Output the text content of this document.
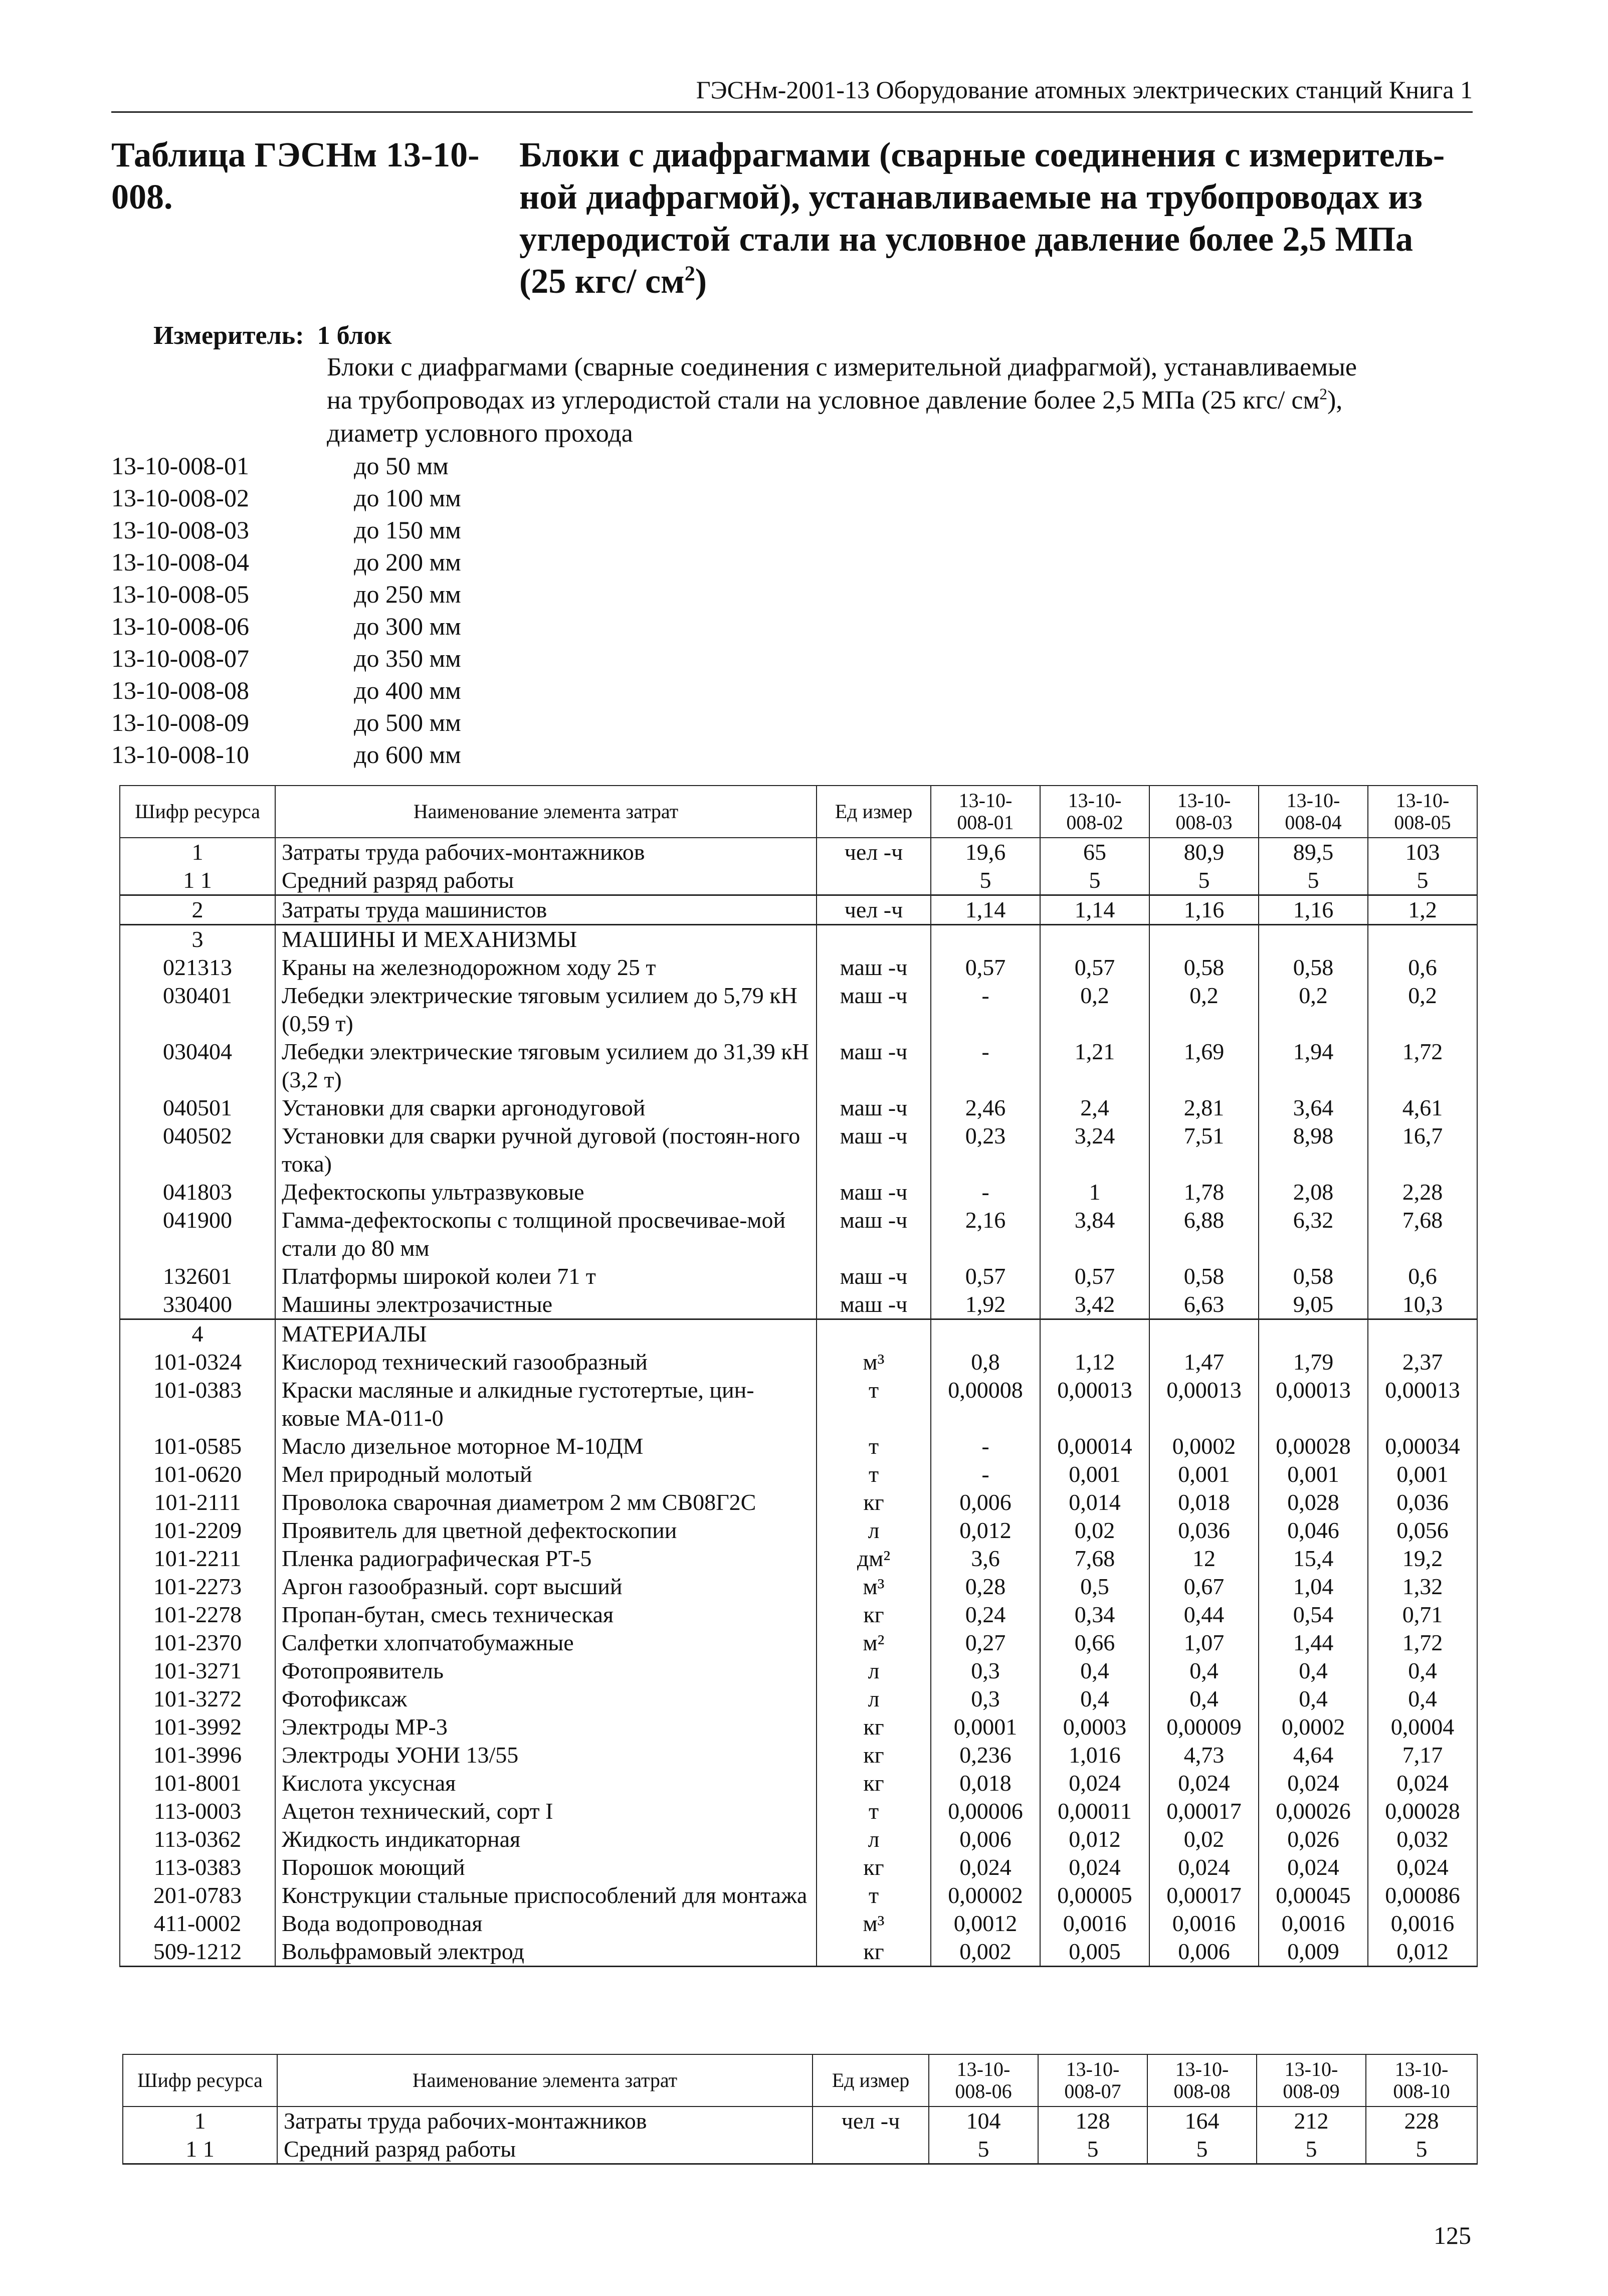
ГЭСНм-2001-13 Оборудование атомных электрических станций Книга 1
Таблица ГЭСНм 13-10-008.
Блоки с диафрагмами (сварные соединения с измеритель-
ной диафрагмой), устанавливаемые на трубопроводах из
углеродистой стали на условное давление более 2,5 МПа
(25 кгс/ $см^2$)
Измеритель: 1 блок
Блоки с диафрагмами (сварные соединения с измерительной диафрагмой), устанавливаемые
на трубопроводах из углеродистой стали на условное давление более 2,5 МПа (25 кгс/ $см^2$),
диаметр условного прохода
13-10-008-01	до 50 мм
13-10-008-02	до 100 мм
13-10-008-03	до 150 мм
13-10-008-04	до 200 мм
13-10-008-05	до 250 мм
13-10-008-06	до 300 мм
13-10-008-07	до 350 мм
13-10-008-08	до 400 мм
13-10-008-09	до 500 мм
13-10-008-10	до 600 мм
Шифр ресурса	Наименование элемента затрат	Ед измер	13-10-
008-01	13-10-
008-02	13-10-
008-03	13-10-
008-04	13-10-
008-05
1	Затраты труда рабочих-монтажников	чел -ч	19,6	65	80,9	89,5	103
1 1	Средний разряд работы		5	5	5	5	5
2	Затраты труда машинистов	чел -ч	1,14	1,14	1,16	1,16	1,2
3	МАШИНЫ И МЕХАНИЗМЫ						
021313	Краны на железнодорожном ходу 25 т	маш -ч	0,57	0,57	0,58	0,58	0,6
030401	Лебедки электрические тяговым усилием до 5,79 кН (0,59 т)	маш -ч	-	0,2	0,2	0,2	0,2
030404	Лебедки электрические тяговым усилием до 31,39 кН (3,2 т)	маш -ч	-	1,21	1,69	1,94	1,72
040501	Установки для сварки аргонодуговой	маш -ч	2,46	2,4	2,81	3,64	4,61
040502	Установки для сварки ручной дуговой (постоян-ного тока)	маш -ч	0,23	3,24	7,51	8,98	16,7
041803	Дефектоскопы ультразвуковые	маш -ч	-	1	1,78	2,08	2,28
041900	Гамма-дефектоскопы с толщиной просвечивае-мой стали до 80 мм	маш -ч	2,16	3,84	6,88	6,32	7,68
132601	Платформы широкой колеи 71 т	маш -ч	0,57	0,57	0,58	0,58	0,6
330400	Машины электрозачистные	маш -ч	1,92	3,42	6,63	9,05	10,3
4	МАТЕРИАЛЫ						
101-0324	Кислород технический газообразный	м³	0,8	1,12	1,47	1,79	2,37
101-0383	Краски масляные и алкидные густотертые, цин-ковые МА-011-0	т	0,00008	0,00013	0,00013	0,00013	0,00013
101-0585	Масло дизельное моторное М-10ДМ	т	-	0,00014	0,0002	0,00028	0,00034
101-0620	Мел природный молотый	т	-	0,001	0,001	0,001	0,001
101-2111	Проволока сварочная диаметром 2 мм СВ08Г2С	кг	0,006	0,014	0,018	0,028	0,036
101-2209	Проявитель для цветной дефектоскопии	л	0,012	0,02	0,036	0,046	0,056
101-2211	Пленка радиографическая РТ-5	дм²	3,6	7,68	12	15,4	19,2
101-2273	Аргон газообразный. сорт высший	м³	0,28	0,5	0,67	1,04	1,32
101-2278	Пропан-бутан, смесь техническая	кг	0,24	0,34	0,44	0,54	0,71
101-2370	Салфетки хлопчатобумажные	м²	0,27	0,66	1,07	1,44	1,72
101-3271	Фотопроявитель	л	0,3	0,4	0,4	0,4	0,4
101-3272	Фотофиксаж	л	0,3	0,4	0,4	0,4	0,4
101-3992	Электроды МР-3	кг	0,0001	0,0003	0,00009	0,0002	0,0004
101-3996	Электроды УОНИ 13/55	кг	0,236	1,016	4,73	4,64	7,17
101-8001	Кислота уксусная	кг	0,018	0,024	0,024	0,024	0,024
113-0003	Ацетон технический, сорт I	т	0,00006	0,00011	0,00017	0,00026	0,00028
113-0362	Жидкость индикаторная	л	0,006	0,012	0,02	0,026	0,032
113-0383	Порошок моющий	кг	0,024	0,024	0,024	0,024	0,024
201-0783	Конструкции стальные приспособлений для монтажа	т	0,00002	0,00005	0,00017	0,00045	0,00086
411-0002	Вода водопроводная	м³	0,0012	0,0016	0,0016	0,0016	0,0016
509-1212	Вольфрамовый электрод	кг	0,002	0,005	0,006	0,009	0,012
Шифр ресурса	Наименование элемента затрат	Ед измер	13-10-
008-06	13-10-
008-07	13-10-
008-08	13-10-
008-09	13-10-
008-10
1	Затраты труда рабочих-монтажников	чел -ч	104	128	164	212	228
1 1	Средний разряд работы		5	5	5	5	5
125
